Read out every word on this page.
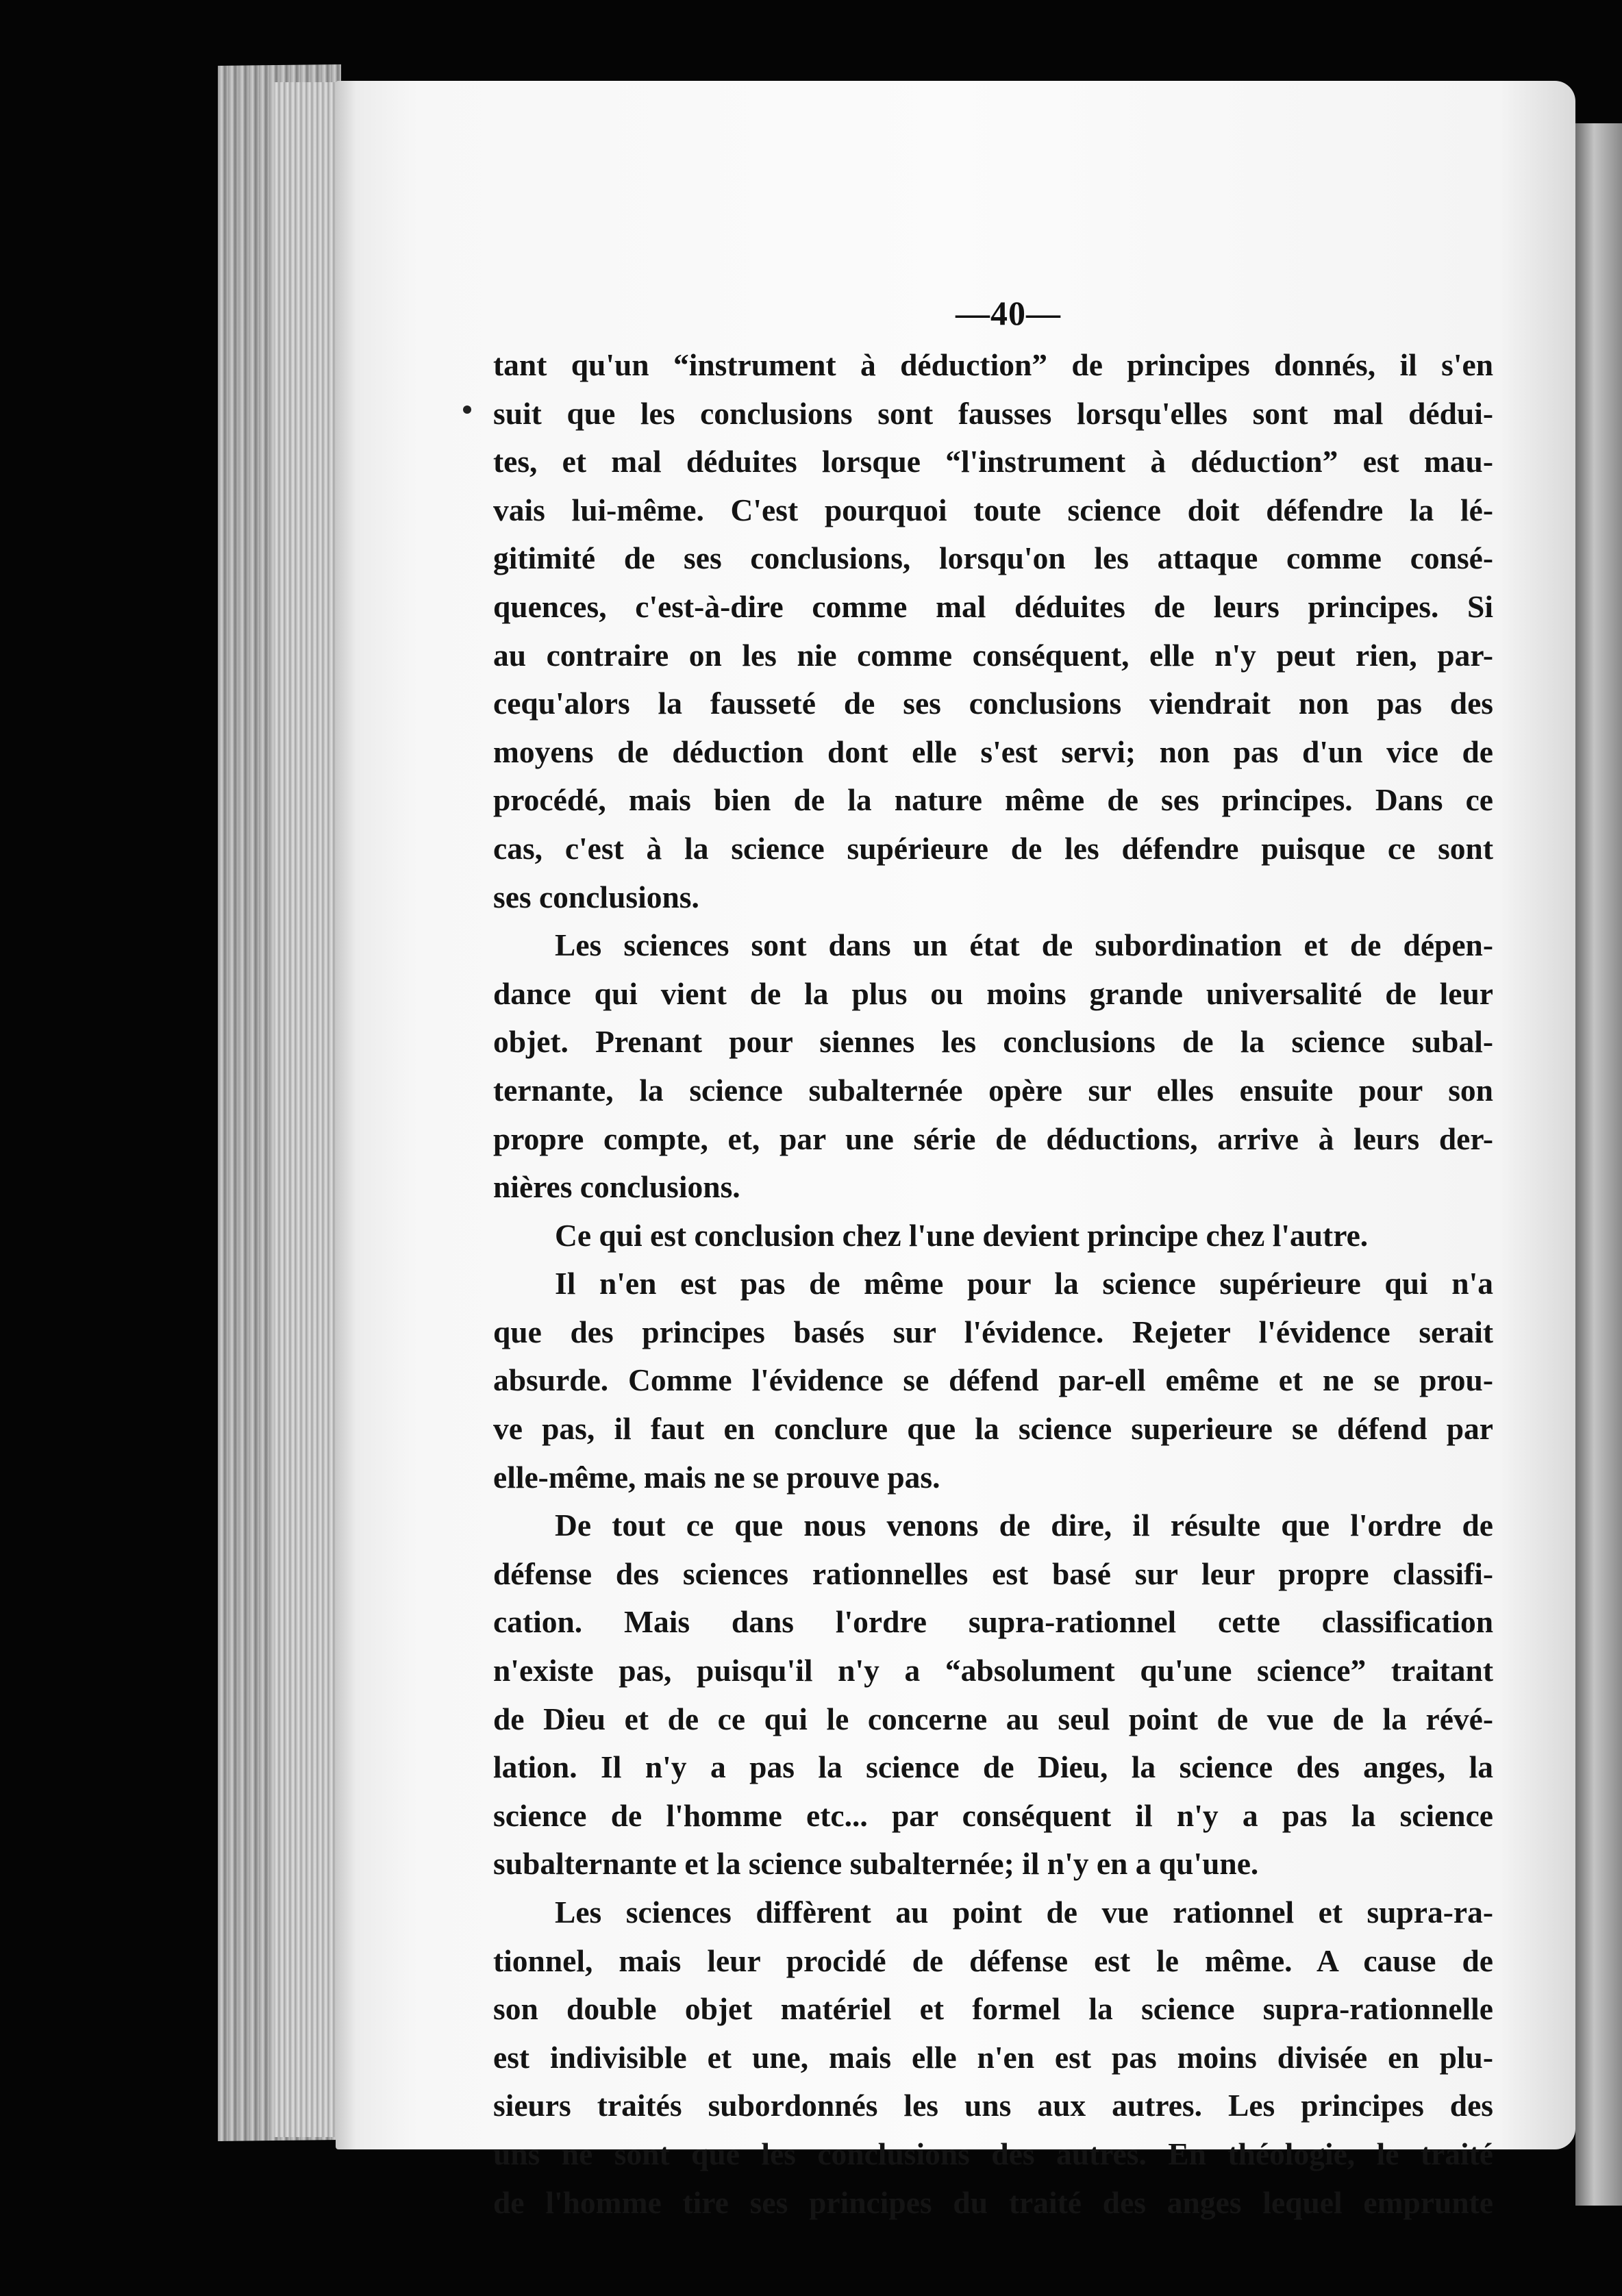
—40—

tant qu'un “instrument à déduction” de principes donnés, il s'en

suit que les conclusions sont fausses lorsqu'elles sont mal dédui-

tes, et mal déduites lorsque “l'instrument à déduction” est mau-

vais lui-même. C'est pourquoi toute science doit défendre la lé-

gitimité de ses conclusions, lorsqu'on les attaque comme consé-

quences, c'est-à-dire comme mal déduites de leurs principes. Si

au contraire on les nie comme conséquent, elle n'y peut rien, par-

cequ'alors la fausseté de ses conclusions viendrait non pas des

moyens de déduction dont elle s'est servi; non pas d'un vice de

procédé, mais bien de la nature même de ses principes. Dans ce

cas, c'est à la science supérieure de les défendre puisque ce sont

ses conclusions.

Les sciences sont dans un état de subordination et de dépen-

dance qui vient de la plus ou moins grande universalité de leur

objet. Prenant pour siennes les conclusions de la science subal-

ternante, la science subalternée opère sur elles ensuite pour son

propre compte, et, par une série de déductions, arrive à leurs der-

nières conclusions.

Ce qui est conclusion chez l'une devient principe chez l'autre.

Il n'en est pas de même pour la science supérieure qui n'a

que des principes basés sur l'évidence. Rejeter l'évidence serait

absurde. Comme l'évidence se défend par-ell emême et ne se prou-

ve pas, il faut en conclure que la science superieure se défend par

elle-même, mais ne se prouve pas.

De tout ce que nous venons de dire, il résulte que l'ordre de

défense des sciences rationnelles est basé sur leur propre classifi-

cation. Mais dans l'ordre supra-rationnel cette classification

n'existe pas, puisqu'il n'y a “absolument qu'une science” traitant

de Dieu et de ce qui le concerne au seul point de vue de la révé-

lation. Il n'y a pas la science de Dieu, la science des anges, la

science de l'homme etc... par conséquent il n'y a pas la science

subalternante et la science subalternée; il n'y en a qu'une.

Les sciences diffèrent au point de vue rationnel et supra-ra-

tionnel, mais leur procidé de défense est le même. A cause de

son double objet matériel et formel la science supra-rationnelle

est indivisible et une, mais elle n'en est pas moins divisée en plu-

sieurs traités subordonnés les uns aux autres. Les principes des

uns ne sont que les conclusions des autres. En théologie, le traité

de l'homme tire ses principes du traité des anges lequel emprunte
